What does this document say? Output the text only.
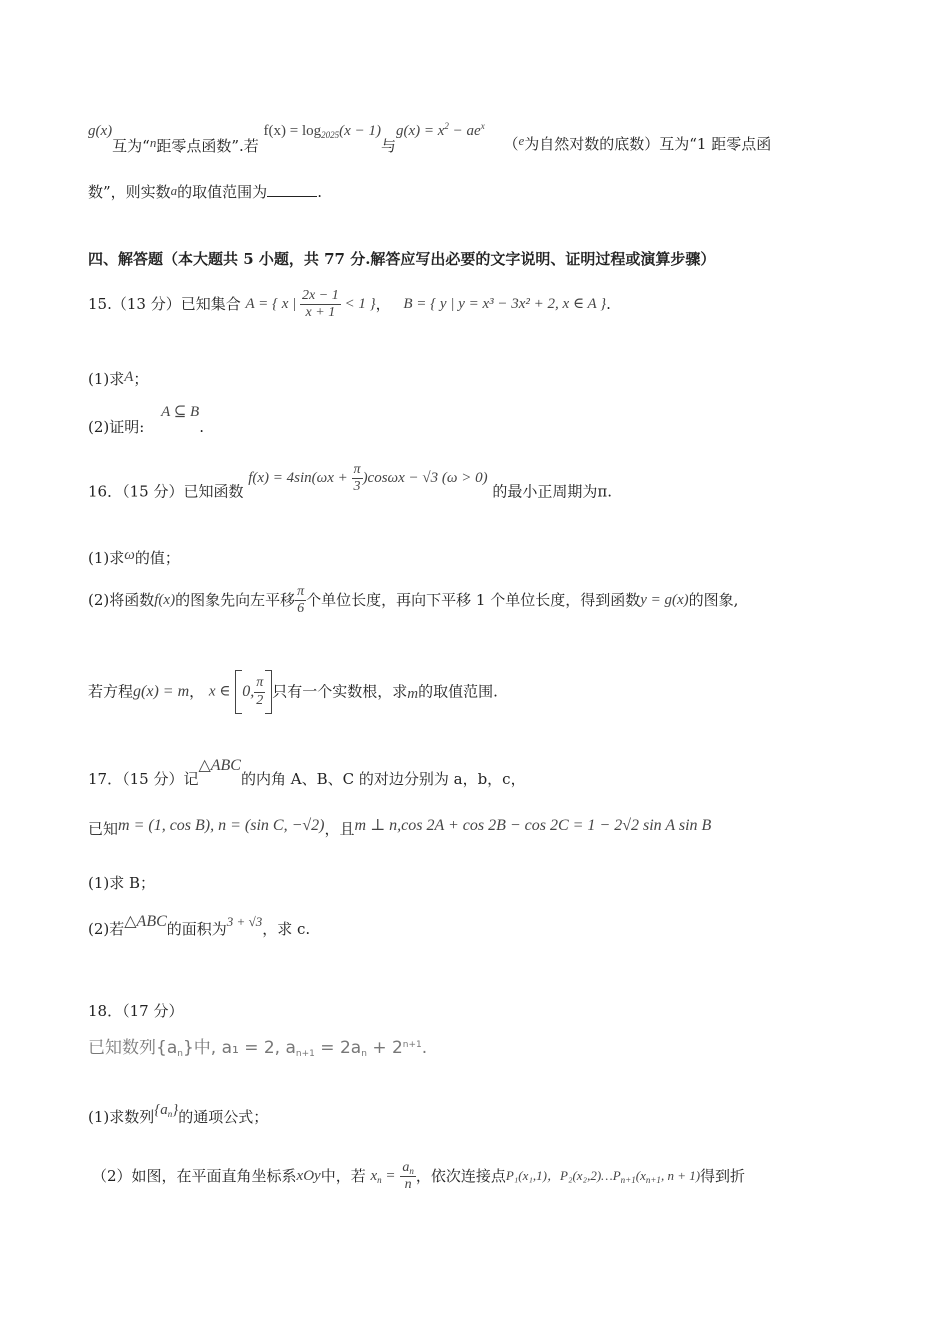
g(x)互为“n距零点函数”.若 $f(x) = \log_{2025}(x - 1)$与$g(x) = x^2 - ae^x$ （e为自然对数的底数）互为“1 距零点函
数”，则实数a的取值范围为	.
四、解答题（本大题共 5 小题，共 77 分.解答应写出必要的文字说明、证明过程或演算步骤）
15.（13 分）已知集合 A = { x | $\frac{2x - 1}{x + 1} < 1$ }， B = { y | y = x³ − 3x² + 2, x ∈ A }.
(1)求A；
(2)证明: A ⊆ B.
16．（15 分）已知函数 $f(x) = 4\sin(\omega x + \frac{\pi}{3} )\cos\omega x - √3$ (ω > 0) 的最小正周期为π.
(1)求ω的值；
(2)将函数f(x)的图象先向左平移 $\frac{\pi}{6}$ 个单位长度，再向下平移 1 个单位长度，得到函数y = g(x)的图象,
若方程g(x) = m， x ∈ 0, $\frac{\pi}{2}$ 只有一个实数根，求m的取值范围.
17．（15 分）记△ABC的内角 A、B、C 的对边分别为 a，b，c，
已知m = (1, cos B), n = (sin C, −√2)，且m ⊥ n,cos 2A + cos 2B − cos 2C = 1 − 2√2 sin A sin B
(1)求 B；
(2)若△ABC的面积为3 + √3，求 c.
18．（17 分）
已知数列$\{a_n\}$中, a₁ = 2, $a_{n+1} = 2a_n + 2^{n+1}$.
(1)求数列$\{a_n\}$的通项公式；
（2）如图，在平面直角坐标系xOy中，若 $x_n = \frac{a_n}{n}$ ，依次连接点P₁(x₁,1)，$P_2(x_2,2)\dots P_{n+1}(x_{n+1}$, n + 1)得到折
